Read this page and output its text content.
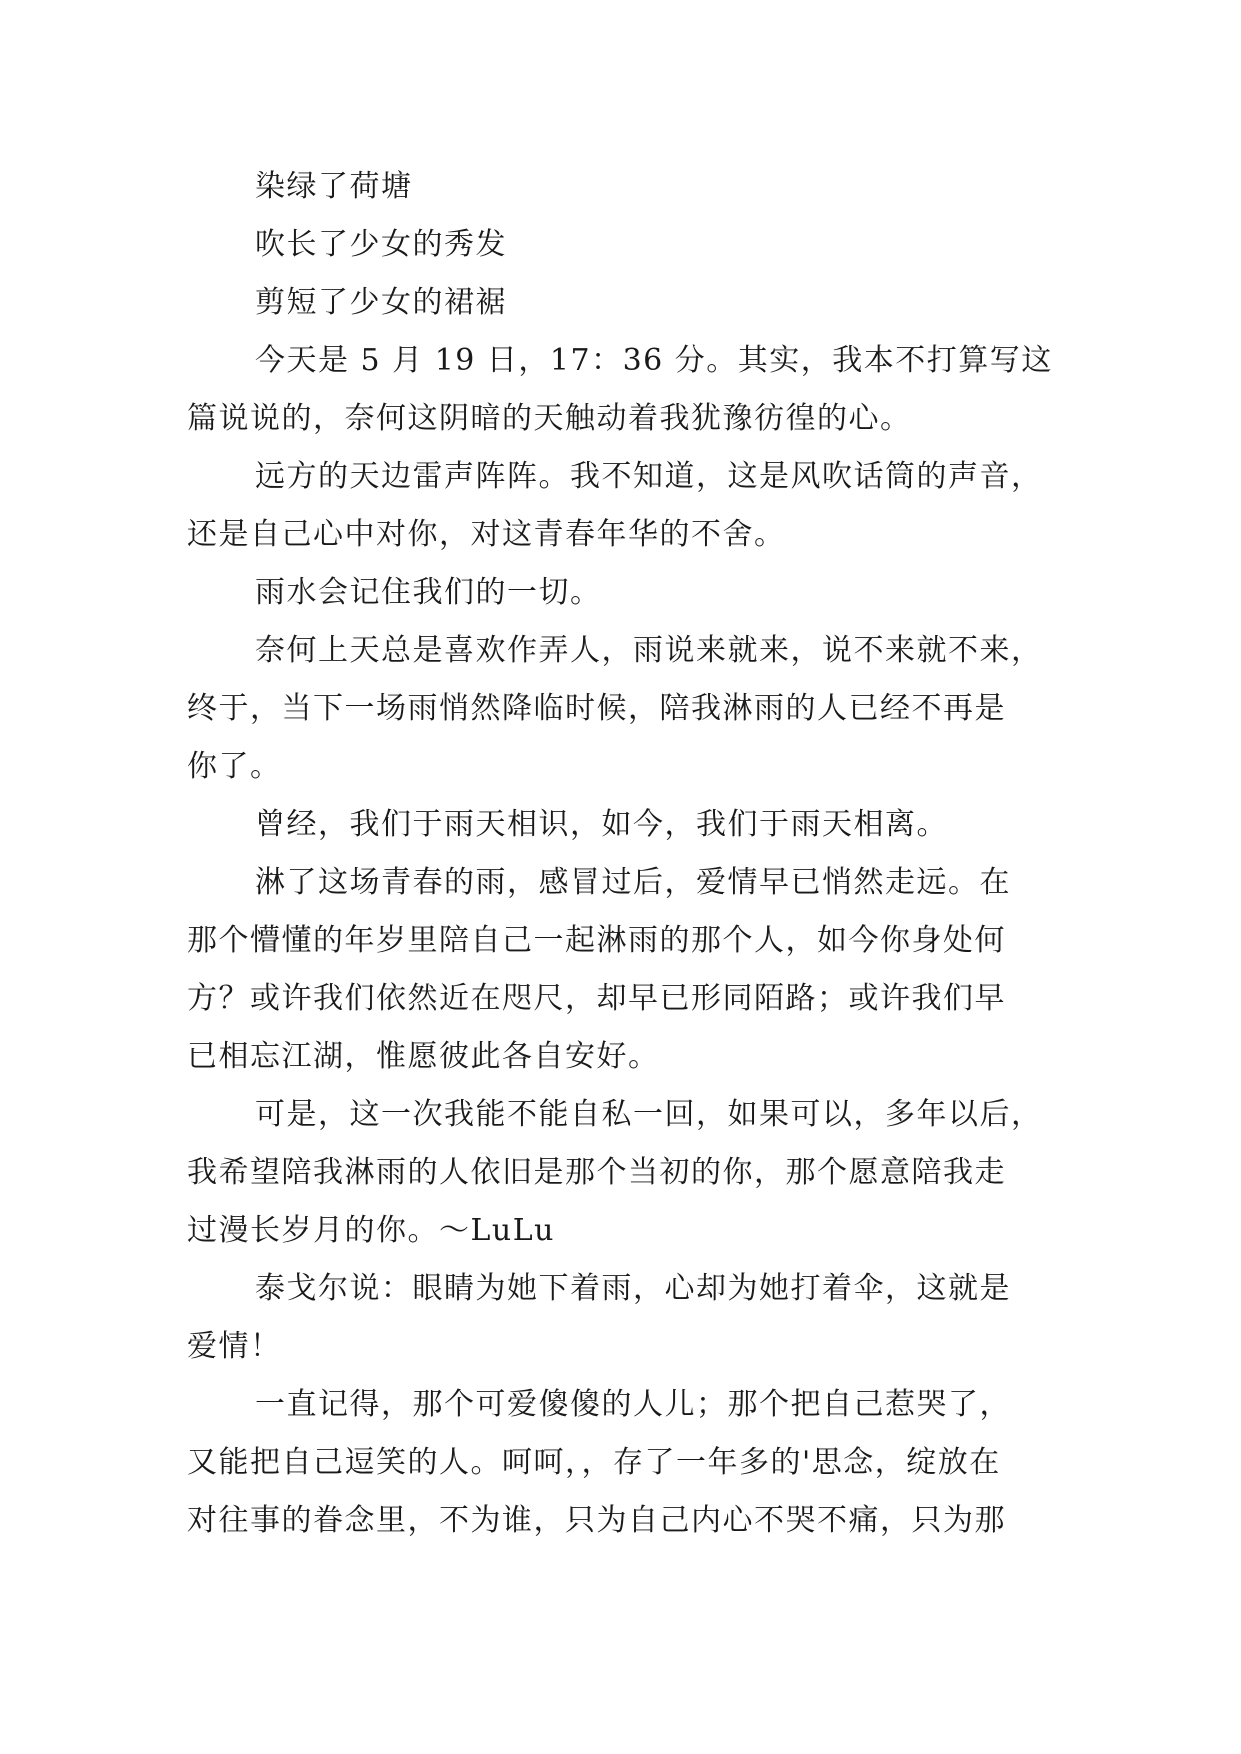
染绿了荷塘

吹长了少女的秀发

剪短了少女的裙裾

今天是 5 月 19 日，17：36 分。其实，我本不打算写这
篇说说的，奈何这阴暗的天触动着我犹豫彷徨的心。

远方的天边雷声阵阵。我不知道，这是风吹话筒的声音，
还是自己心中对你，对这青春年华的不舍。

雨水会记住我们的一切。

奈何上天总是喜欢作弄人，雨说来就来，说不来就不来，
终于，当下一场雨悄然降临时候，陪我淋雨的人已经不再是
你了。

曾经，我们于雨天相识，如今，我们于雨天相离。

淋了这场青春的雨，感冒过后，爱情早已悄然走远。在
那个懵懂的年岁里陪自己一起淋雨的那个人，如今你身处何
方？或许我们依然近在咫尺，却早已形同陌路；或许我们早
已相忘江湖，惟愿彼此各自安好。

可是，这一次我能不能自私一回，如果可以，多年以后，
我希望陪我淋雨的人依旧是那个当初的你，那个愿意陪我走
过漫长岁月的你。～LuLu

泰戈尔说：眼睛为她下着雨，心却为她打着伞，这就是
爱情！

一直记得，那个可爱傻傻的人儿；那个把自己惹哭了，
又能把自己逗笑的人。呵呵，，存了一年多的'思念，绽放在
对往事的眷念里，不为谁，只为自己内心不哭不痛，只为那
